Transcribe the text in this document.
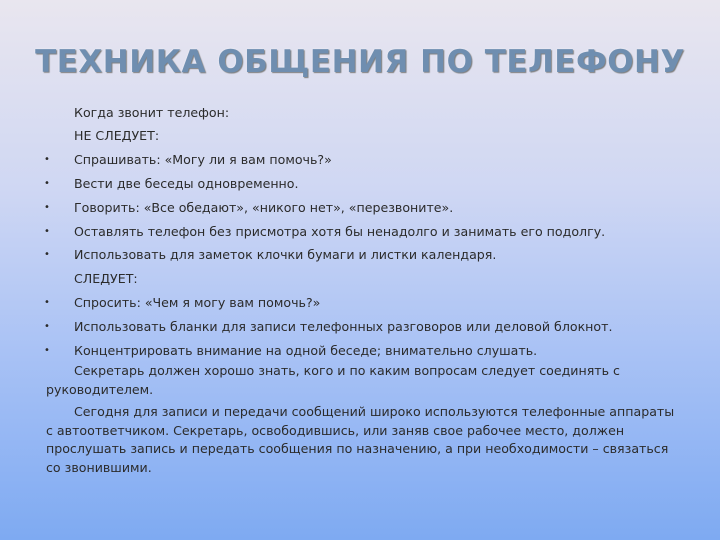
ТЕХНИКА ОБЩЕНИЯ ПО ТЕЛЕФОНУ
Когда звонит телефон:
НЕ СЛЕДУЕТ:
• Спрашивать: «Могу ли я вам помочь?»
• Вести две беседы одновременно.
• Говорить: «Все обедают», «никого нет», «перезвоните».
• Оставлять телефон без присмотра хотя бы ненадолго и занимать его подолгу.
• Использовать для заметок клочки бумаги и листки календаря.
СЛЕДУЕТ:
• Спросить: «Чем я могу вам помочь?»
• Использовать бланки для записи телефонных разговоров или деловой блокнот.
• Концентрировать внимание на одной беседе; внимательно слушать.
Секретарь должен хорошо знать, кого и по каким вопросам следует соединять с руководителем.
Сегодня для записи и передачи сообщений широко используются телефонные аппараты с автоответчиком. Секретарь, освободившись, или заняв свое рабочее место, должен прослушать запись и передать сообщения по назначению, а при необходимости – связаться со звонившими.
